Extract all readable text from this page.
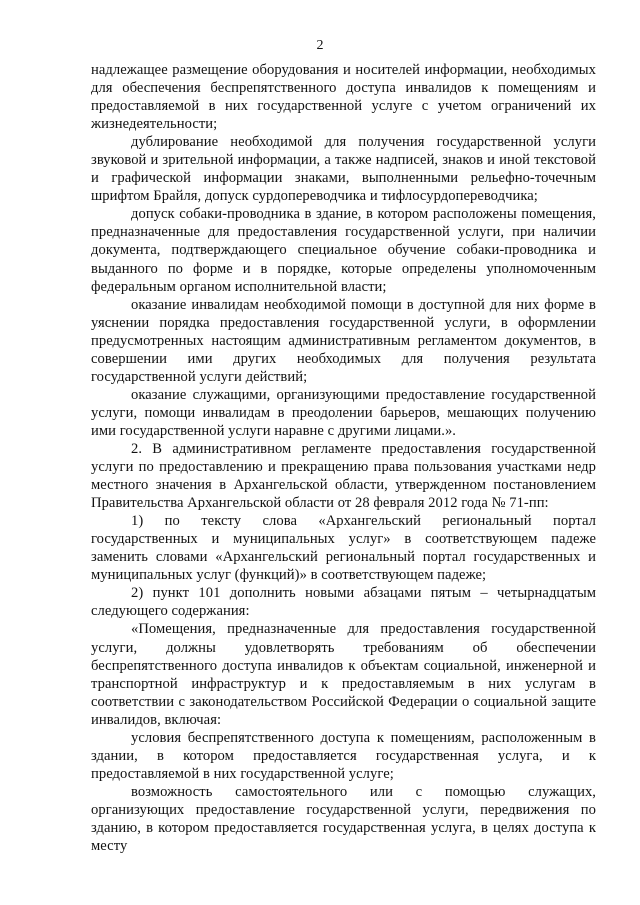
2

надлежащее размещение оборудования и носителей информации, необходимых для обеспечения беспрепятственного доступа инвалидов к помещениям и предоставляемой в них государственной услуге с учетом ограничений их жизнедеятельности;

дублирование необходимой для получения государственной услуги звуковой и зрительной информации, а также надписей, знаков и иной текстовой и графической информации знаками, выполненными рельефно-точечным шрифтом Брайля, допуск сурдопереводчика и тифлосурдопереводчика;

допуск собаки-проводника в здание, в котором расположены помещения, предназначенные для предоставления государственной услуги, при наличии документа, подтверждающего специальное обучение собаки-проводника и выданного по форме и в порядке, которые определены уполномоченным федеральным органом исполнительной власти;

оказание инвалидам необходимой помощи в доступной для них форме в уяснении порядка предоставления государственной услуги, в оформлении предусмотренных настоящим административным регламентом документов, в совершении ими других необходимых для получения результата государственной услуги действий;

оказание служащими, организующими предоставление государственной услуги, помощи инвалидам в преодолении барьеров, мешающих получению ими государственной услуги наравне с другими лицами.».

2. В административном регламенте предоставления государственной услуги по предоставлению и прекращению права пользования участками недр местного значения в Архангельской области, утвержденном постановлением Правительства Архангельской области от 28 февраля 2012 года № 71-пп:

1) по тексту слова «Архангельский региональный портал государственных и муниципальных услуг» в соответствующем падеже заменить словами «Архангельский региональный портал государственных и муниципальных услуг (функций)» в соответствующем падеже;

2) пункт 101 дополнить новыми абзацами пятым – четырнадцатым следующего содержания:

«Помещения, предназначенные для предоставления государственной услуги, должны удовлетворять требованиям об обеспечении беспрепятственного доступа инвалидов к объектам социальной, инженерной и транспортной инфраструктур и к предоставляемым в них услугам в соответствии с законодательством Российской Федерации о социальной защите инвалидов, включая:

условия беспрепятственного доступа к помещениям, расположенным в здании, в котором предоставляется государственная услуга, и к предоставляемой в них государственной услуге;

возможность самостоятельного или с помощью служащих, организующих предоставление государственной услуги, передвижения по зданию, в котором предоставляется государственная услуга, в целях доступа к месту
